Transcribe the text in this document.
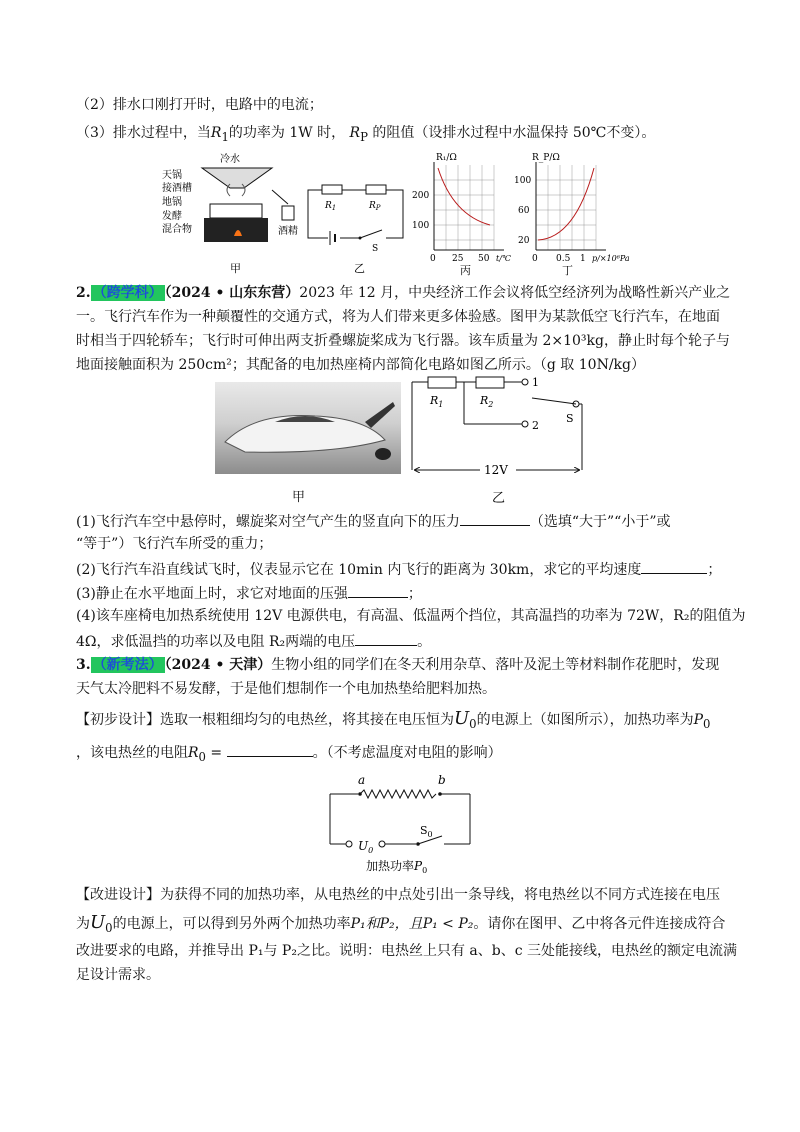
（2）排水口刚打开时，电路中的电流；
（3）排水过程中，当$R_1$的功率为 1W 时， $R_P$ 的阻值（设排水过程中水温保持 50℃不变）。
冷水
天锅
接酒槽
地锅
发酵
混合物	酒精
甲
$R_1$	$R_P$
S
乙
R₁/Ω
200
100
0 25 50 t/℃
丙
R_P/Ω
100
60
20
0 0.5 1 p/×10⁶Pa
丁
2. （跨学科） （2024 • 山东东营）2023 年 12 月，中央经济工作会议将低空经济列为战略性新兴产业之
一。飞行汽车作为一种颠覆性的交通方式，将为人们带来更多体验感。图甲为某款低空飞行汽车，在地面
时相当于四轮轿车；飞行时可伸出两支折叠螺旋桨成为飞行器。该车质量为 2×10³kg，静止时每个轮子与
地面接触面积为 250cm²；其配备的电加热座椅内部简化电路如图乙所示。（g 取 10N/kg）
甲
1
$R_1$	$R_2$
2
S
12V
乙
(1)飞行汽车空中悬停时，螺旋桨对空气产生的竖直向下的压力	（选填“大于”“小于”或
“等于”）飞行汽车所受的重力；
(2)飞行汽车沿直线试飞时，仪表显示它在 10min 内飞行的距离为 30km，求它的平均速度	；
(3)静止在水平地面上时，求它对地面的压强	；
(4)该车座椅电加热系统使用 12V 电源供电，有高温、低温两个挡位，其高温挡的功率为 72W，R₂的阻值为
4Ω，求低温挡的功率以及电阻 R₂两端的电压	。
3. （新考法） （2024 • 天津）生物小组的同学们在冬天利用杂草、落叶及泥土等材料制作花肥时，发现
天气太冷肥料不易发酵，于是他们想制作一个电加热垫给肥料加热。
【初步设计】选取一根粗细均匀的电热丝，将其接在电压恒为$U_0$的电源上（如图所示），加热功率为$P_0$
，该电热丝的电阻$R_0$ =	。（不考虑温度对电阻的影响）
a	b
$U_0$
$S_0$
加热功率$P_0$
【改进设计】为获得不同的加热功率，从电热丝的中点处引出一条导线，将电热丝以不同方式连接在电压
为$U_0$的电源上，可以得到另外两个加热功率P₁和P₂，且P₁ < P₂。请你在图甲、乙中将各元件连接成符合
改进要求的电路，并推导出 P₁与 P₂之比。说明：电热丝上只有 a、b、c 三处能接线，电热丝的额定电流满
足设计需求。
